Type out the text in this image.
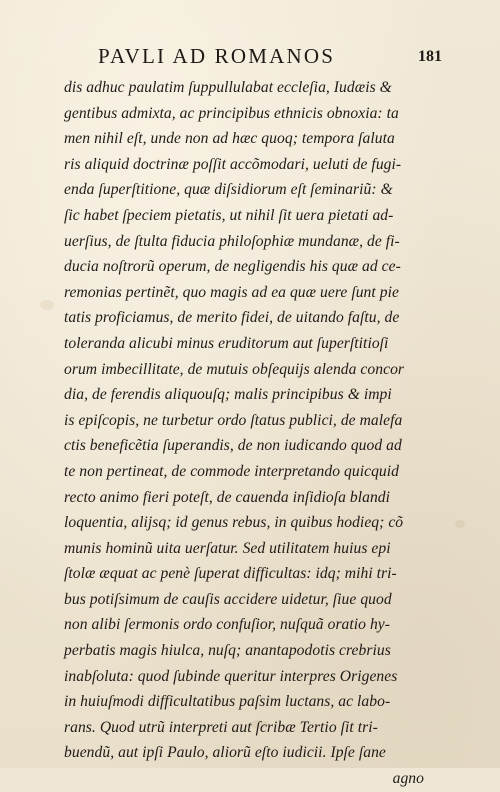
PAVLI AD ROMANOS	181
dis adhuc paulatim ſuppullulabat eccleſia, Iudæis &
gentibus admixta, ac principibus ethnicis obnoxia: ta
men nihil eſt, unde non ad hæc quoq; tempora ſaluta
ris aliquid doctrinæ poſſit accõmodari, ueluti de fugi-
enda ſuperſtitione, quæ diſsidiorum eſt ſeminariũ: &
ſic habet ſpeciem pietatis, ut nihil ſit uera pietati ad-
uerſius, de ſtulta fiducia philoſophiæ mundanæ, de fi-
ducia noſtrorũ operum, de negligendis his quæ ad ce-
remonias pertinẽt, quo magis ad ea quæ uere ſunt pie
tatis proficiamus, de merito fidei, de uitando faſtu, de
toleranda alicubi minus eruditorum aut ſuperſtitioſi
orum imbecillitate, de mutuis obſequijs alenda concor
dia, de ferendis aliquouſq; malis principibus & impi
is epiſcopis, ne turbetur ordo ſtatus publici, de malefa
ctis beneficẽtia ſuperandis, de non iudicando quod ad
te non pertineat, de commode interpretando quicquid
recto animo fieri poteſt, de cauenda inſidioſa blandi
loquentia, alijsq; id genus rebus, in quibus hodieq; cõ
munis hominũ uita uerſatur. Sed utilitatem huius epi
ſtolæ æquat ac penè ſuperat difficultas: idq; mihi tri-
bus potiſsimum de cauſis accidere uidetur, ſiue quod
non alibi ſermonis ordo confuſior, nuſquã oratio hy-
perbatis magis hiulca, nuſq; anantapodotis crebrius
inabſoluta: quod ſubinde queritur interpres Origenes
in huiuſmodi difficultatibus paſsim luctans, ac labo-
rans. Quod utrũ interpreti aut ſcribæ Tertio ſit tri-
buendũ, aut ipſi Paulo, aliorũ eſto iudicii. Ipſe ſane
agno
